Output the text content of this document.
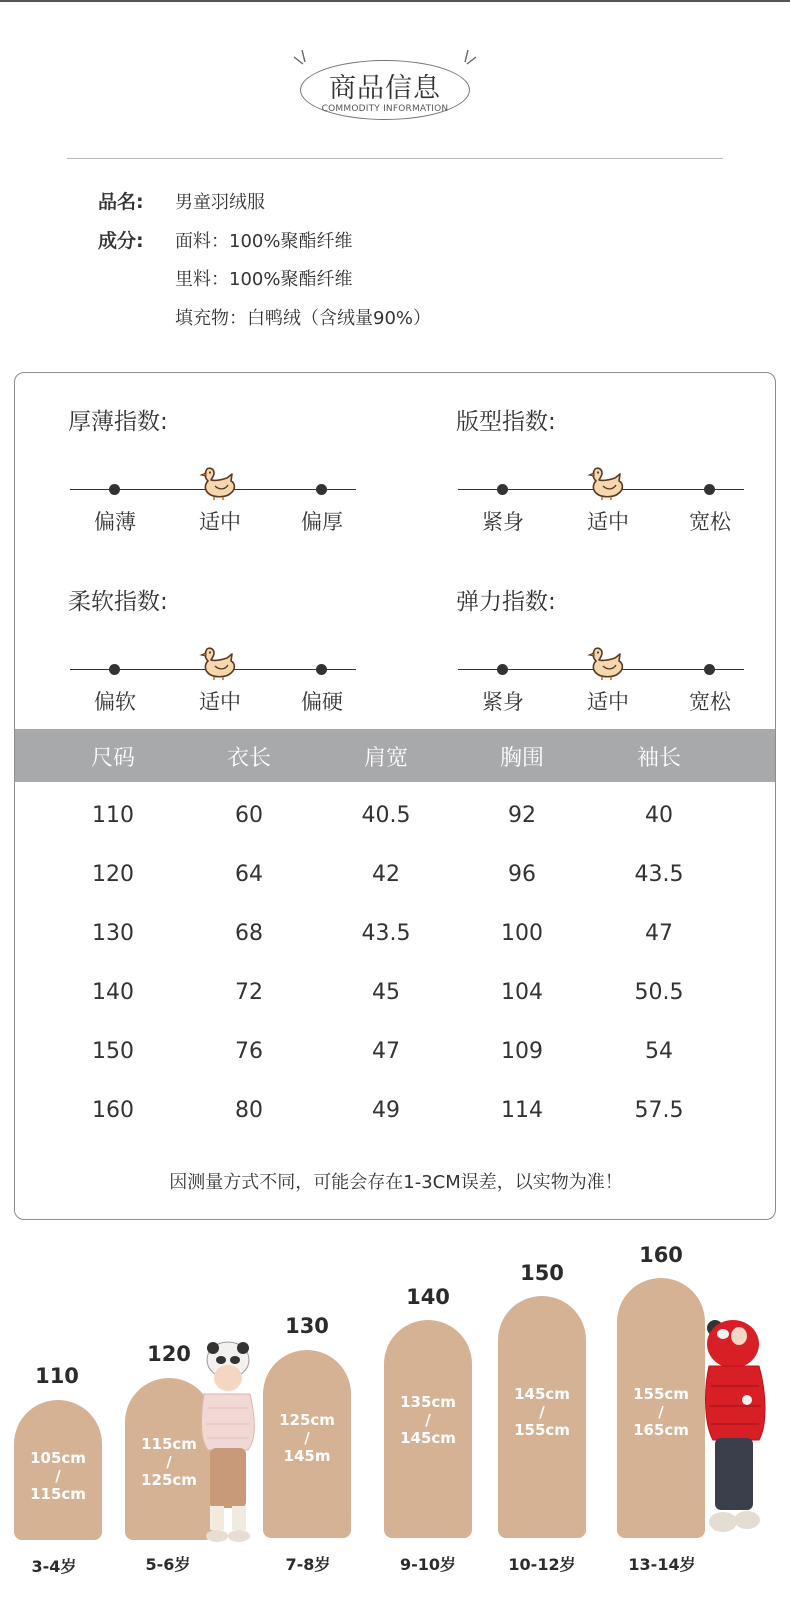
商品信息
COMMODITY INFORMATION
品名: 男童羽绒服
成分: 面料：100%聚酯纤维
里料：100%聚酯纤维
填充物：白鸭绒（含绒量90%）
厚薄指数:
偏薄	适中	偏厚
版型指数:
紧身	适中	宽松
柔软指数:
偏软	适中	偏硬
弹力指数:
紧身	适中	宽松
尺码	衣长	肩宽	胸围	袖长
110	60	40.5	92	40
120	64	42	96	43.5
130	68	43.5	100	47
140	72	45	104	50.5
150	76	47	109	54
160	80	49	114	57.5
因测量方式不同，可能会存在1-3CM误差，以实物为准！
110
105cm
/
115cm
3-4岁
120
115cm
/
125cm
5-6岁
130
125cm
/
145m
7-8岁
140
135cm
/
145cm
9-10岁
150
145cm
/
155cm
10-12岁
160
155cm
/
165cm
13-14岁
